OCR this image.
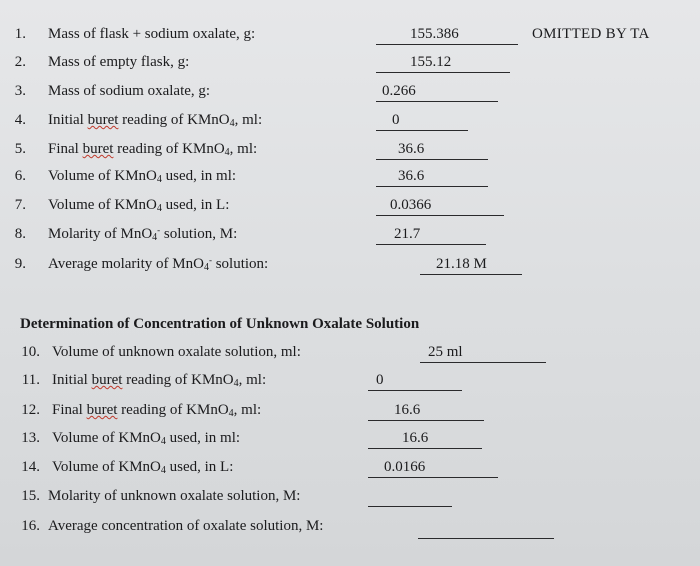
1. Mass of flask + sodium oxalate, g:	155.386	OMITTED BY TA
2. Mass of empty flask, g:	155.12
3. Mass of sodium oxalate, g:	0.266
4. Initial buret reading of KMnO$_4$, ml:	0
5. Final buret reading of KMnO$_4$, ml:	36.6
6. Volume of KMnO$_4$ used, in ml:	36.6
7. Volume of KMnO$_4$ used, in L:	0.0366
8. Molarity of MnO$_4$- solution, M:	21.7
9. Average molarity of MnO$_4$- solution:	21.18 M
Determination of Concentration of Unknown Oxalate Solution
10. Volume of unknown oxalate solution, ml:	25 ml
11. Initial buret reading of KMnO$_4$, ml:	0
12. Final buret reading of KMnO$_4$, ml:	16.6
13. Volume of KMnO$_4$ used, in ml:	16.6
14. Volume of KMnO$_4$ used, in L:	0.0166
15. Molarity of unknown oxalate solution, M:
16. Average concentration of oxalate solution, M:
